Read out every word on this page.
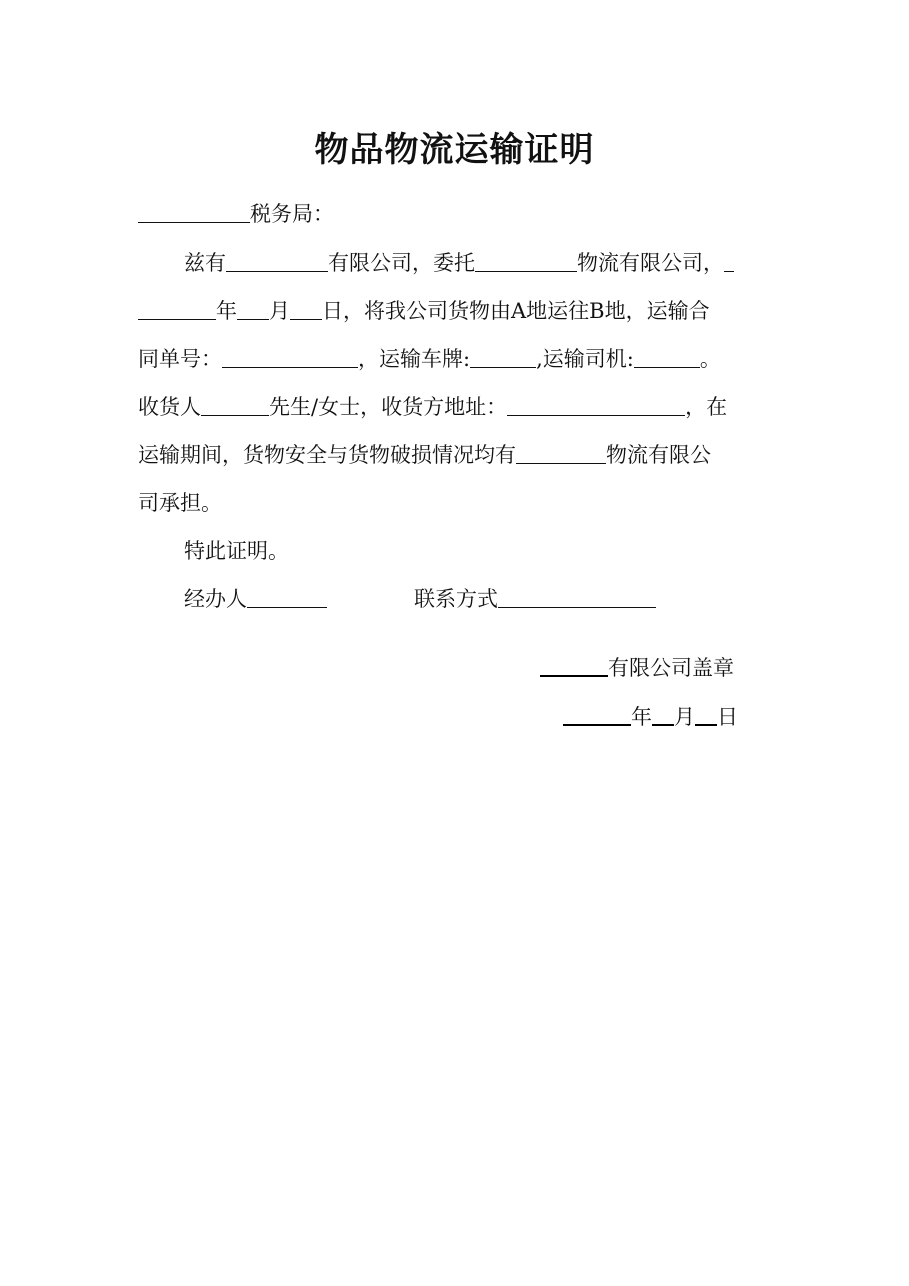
物品物流运输证明
税务局：
兹有	有限公司，委托	物流有限公司，
年 月 日，将我公司货物由A地运往B地，运输合
同单号：	，运输车牌:	,运输司机:	。
收货人	先生/女士，收货方地址：	，在
运输期间，货物安全与货物破损情况均有	物流有限公
司承担。
特此证明。
经办人	联系方式
有限公司盖章
年 月 日
